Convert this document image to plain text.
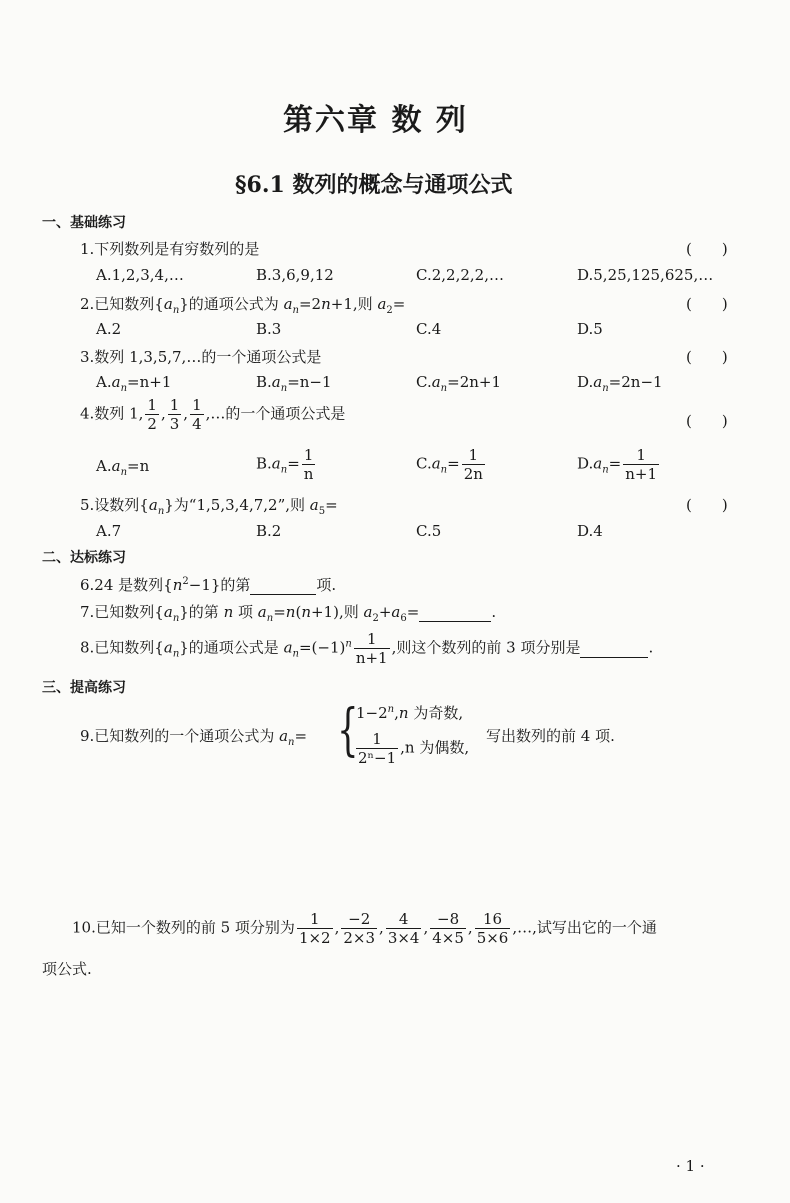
第六章 数 列
§6.1 数列的概念与通项公式
一、基础练习
1.下列数列是有穷数列的是	(　　)
A.1,2,3,4,…	B.3,6,9,12	C.2,2,2,2,…	D.5,25,125,625,…
2.已知数列$\{a_n\}$的通项公式为 $a_n=2n+1$,则 $a_2=$	(　　)
A.2	B.3	C.4	D.5
3.数列 1,3,5,7,…的一个通项公式是	(　　)
$A.a_n=n+1$	$B.a_n=n-1$	$C.a_n=2n+1$	$D.a_n=2n-1$
4.数列 1, $\frac{1}{2}$ , $\frac{1}{3}$ , $\frac{1}{4}$ ,…的一个通项公式是	(　　)
$A.a_n=n$	$B.a_n= \frac{1}{n}$	$C.a_n= \frac{1}{2n}$	$D.a_n= \frac{1}{n+1}$
5.设数列$\{a_n\}$为“1,5,3,4,7,2”,则 $a_5=$	(　　)
A.7	B.2	C.5	D.4
二、达标练习
6.24 是数列$\{n^2-1\}$的第	项.
7.已知数列$\{a_n\}$的第 n 项 $a_n=n(n+1)$,则 $a_2+a_6=$	.
8.已知数列$\{a_n\}$的通项公式是 $a_n=(-1)^n \frac{1}{n+1}$ ,则这个数列的前 3 项分别是	.
三、提高练习
9.已知数列的一个通项公式为 $a_n=$ {
$1-2^n,n$ 为奇数,
$\frac{1}{\text{2ⁿ−1}} ,n$ 为偶数,
写出数列的前 4 项.
10.已知一个数列的前 5 项分别为 $\frac{1}{1\times 2}$ , $\frac{-2}{2\times 3}$ , $\frac{4}{3\times 4}$ , $\frac{-8}{4\times 5}$ , $\frac{16}{5\times 6}$ ,…,试写出它的一个通
项公式.
· 1 ·
